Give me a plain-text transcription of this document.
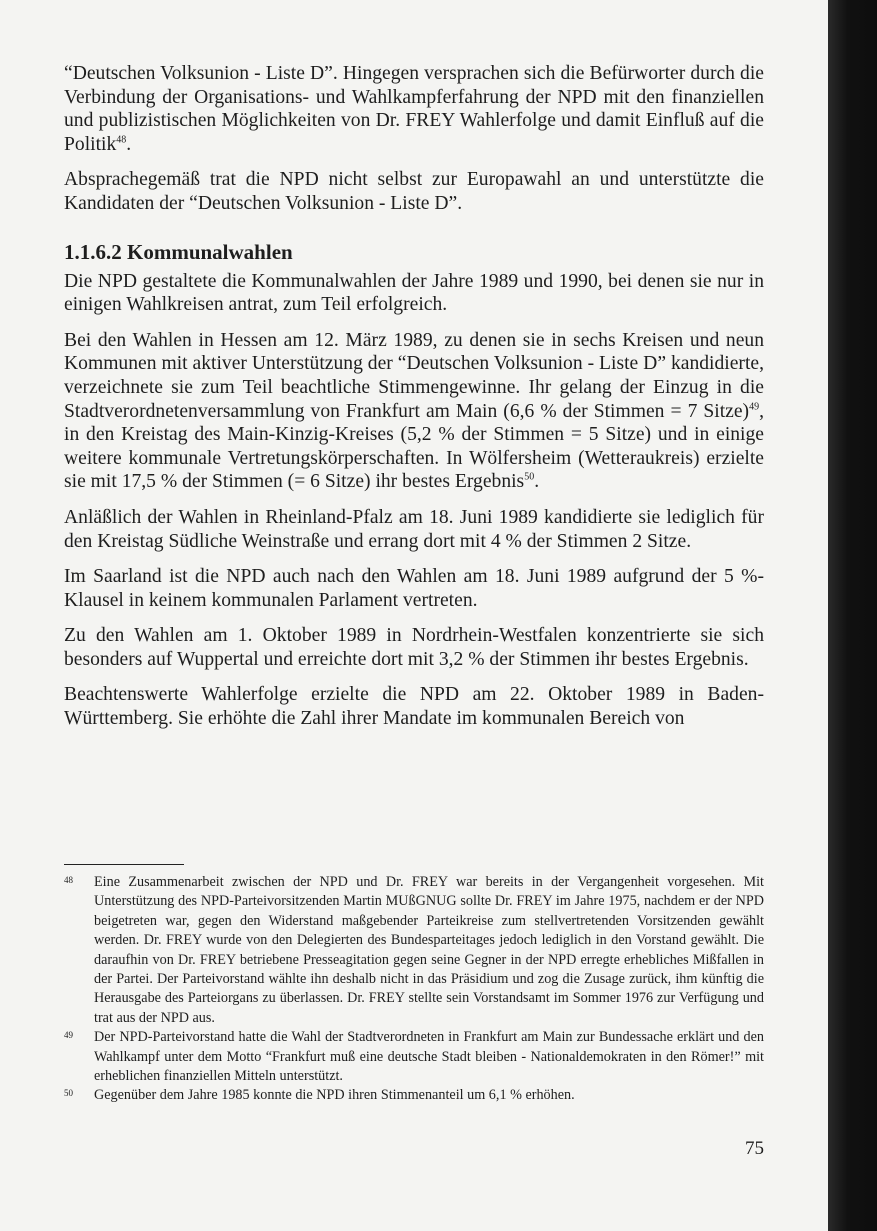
“Deutschen Volksunion - Liste D”. Hingegen versprachen sich die Befürworter durch die Verbindung der Organisations- und Wahlkampferfahrung der NPD mit den finanziellen und publizistischen Möglichkeiten von Dr. FREY Wahlerfolge und damit Einfluß auf die Politik$^{48}$.

Absprachegemäß trat die NPD nicht selbst zur Europawahl an und unterstützte die Kandidaten der “Deutschen Volksunion - Liste D”.

1.1.6.2 Kommunalwahlen

Die NPD gestaltete die Kommunalwahlen der Jahre 1989 und 1990, bei denen sie nur in einigen Wahlkreisen antrat, zum Teil erfolgreich.

Bei den Wahlen in Hessen am 12. März 1989, zu denen sie in sechs Kreisen und neun Kommunen mit aktiver Unterstützung der “Deutschen Volksunion - Liste D” kandidierte, verzeichnete sie zum Teil beachtliche Stimmengewinne. Ihr gelang der Einzug in die Stadtverordnetenversammlung von Frankfurt am Main (6,6 % der Stimmen = 7 Sitze)$^{49}$, in den Kreistag des Main-Kinzig-Kreises (5,2 % der Stimmen = 5 Sitze) und in einige weitere kommunale Vertretungskörperschaften. In Wölfersheim (Wetteraukreis) erzielte sie mit 17,5 % der Stimmen (= 6 Sitze) ihr bestes Ergebnis$^{50}$.

Anläßlich der Wahlen in Rheinland-Pfalz am 18. Juni 1989 kandidierte sie lediglich für den Kreistag Südliche Weinstraße und errang dort mit 4 % der Stimmen 2 Sitze.

Im Saarland ist die NPD auch nach den Wahlen am 18. Juni 1989 aufgrund der 5 %-Klausel in keinem kommunalen Parlament vertreten.

Zu den Wahlen am 1. Oktober 1989 in Nordrhein-Westfalen konzentrierte sie sich besonders auf Wuppertal und erreichte dort mit 3,2 % der Stimmen ihr bestes Ergebnis.

Beachtenswerte Wahlerfolge erzielte die NPD am 22. Oktober 1989 in Baden-Württemberg. Sie erhöhte die Zahl ihrer Mandate im kommunalen Bereich von

48	Eine Zusammenarbeit zwischen der NPD und Dr. FREY war bereits in der Vergangenheit vorgesehen. Mit Unterstützung des NPD-Parteivorsitzenden Martin MUßGNUG sollte Dr. FREY im Jahre 1975, nachdem er der NPD beigetreten war, gegen den Widerstand maßgebender Parteikreise zum stellvertretenden Vorsitzenden gewählt werden. Dr. FREY wurde von den Delegierten des Bundesparteitages jedoch lediglich in den Vorstand gewählt. Die daraufhin von Dr. FREY betriebene Presseagitation gegen seine Gegner in der NPD erregte erhebliches Mißfallen in der Partei. Der Parteivorstand wählte ihn deshalb nicht in das Präsidium und zog die Zusage zurück, ihm künftig die Herausgabe des Parteiorgans zu überlassen. Dr. FREY stellte sein Vorstandsamt im Sommer 1976 zur Verfügung und trat aus der NPD aus.
49	Der NPD-Parteivorstand hatte die Wahl der Stadtverordneten in Frankfurt am Main zur Bundessache erklärt und den Wahlkampf unter dem Motto “Frankfurt muß eine deutsche Stadt bleiben - Nationaldemokraten in den Römer!” mit erheblichen finanziellen Mitteln unterstützt.
50	Gegenüber dem Jahre 1985 konnte die NPD ihren Stimmenanteil um 6,1 % erhöhen.
75
